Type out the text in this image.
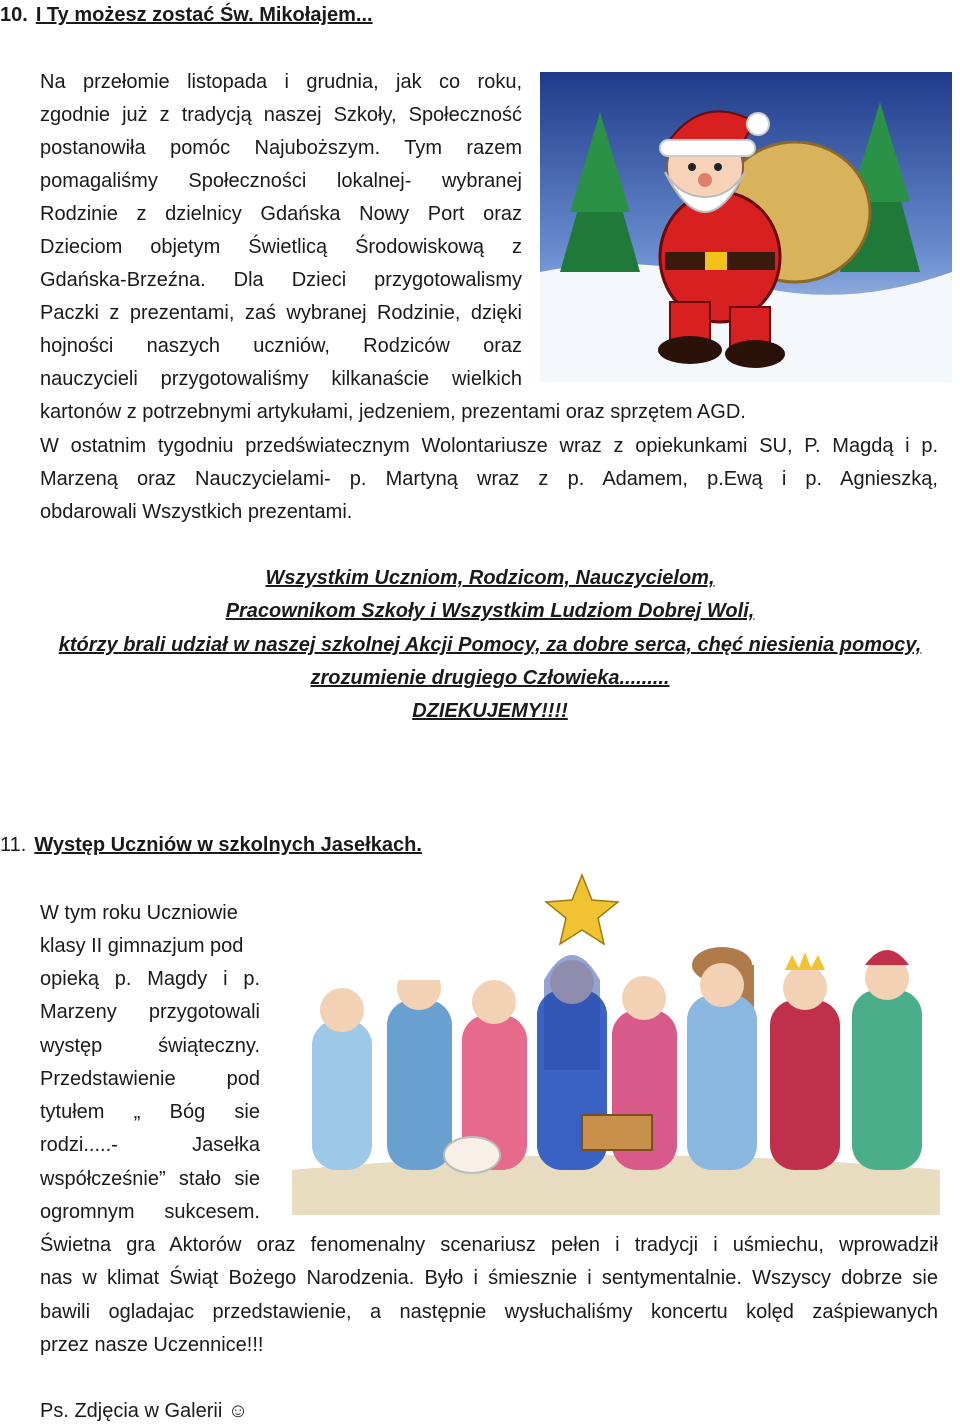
10. I Ty możesz zostać Św. Mikołajem...
Na przełomie listopada i grudnia, jak co roku,
zgodnie już z tradycją naszej Szkoły, Społeczność
postanowiła pomóc Najuboższym. Tym razem
pomagaliśmy Społeczności lokalnej- wybranej
Rodzinie z dzielnicy Gdańska Nowy Port oraz
Dzieciom objetym Świetlicą Środowiskową z
Gdańska-Brzeźna. Dla Dzieci przygotowalismy
Paczki z prezentami, zaś wybranej Rodzinie, dzięki
hojności naszych uczniów, Rodziców oraz
nauczycieli przygotowaliśmy kilkanaście wielkich
kartonów z potrzebnymi artykułami, jedzeniem, prezentami oraz sprzętem AGD.
W ostatnim tygodniu przedświatecznym Wolontariusze wraz z opiekunkami SU, P. Magdą i p.
Marzeną oraz Nauczycielami- p. Martyną wraz z p. Adamem, p.Ewą i p. Agnieszką,
obdarowali Wszystkich prezentami.
Wszystkim Uczniom, Rodzicom, Nauczycielom,
Pracownikom Szkoły i Wszystkim Ludziom Dobrej Woli,
którzy brali udział w naszej szkolnej Akcji Pomocy, za dobre serca, chęć niesienia pomocy,
zrozumienie drugiego Człowieka.........
DZIEKUJEMY!!!!
11. Występ Uczniów w szkolnych Jasełkach.
W tym roku Uczniowie
klasy II gimnazjum pod
opieką p. Magdy i p.
Marzeny przygotowali
występ świąteczny.
Przedstawienie pod
tytułem „ Bóg sie
rodzi.....- Jasełka
współcześnie” stało sie
ogromnym sukcesem.
Świetna gra Aktorów oraz fenomenalny scenariusz pełen i tradycji i uśmiechu, wprowadził
nas w klimat Świąt Bożego Narodzenia. Było i śmiesznie i sentymentalnie. Wszyscy dobrze sie
bawili ogladajac przedstawienie, a następnie wysłuchaliśmy koncertu kolęd zaśpiewanych
przez nasze Uczennice!!!
Ps. Zdjęcia w Galerii ☺
